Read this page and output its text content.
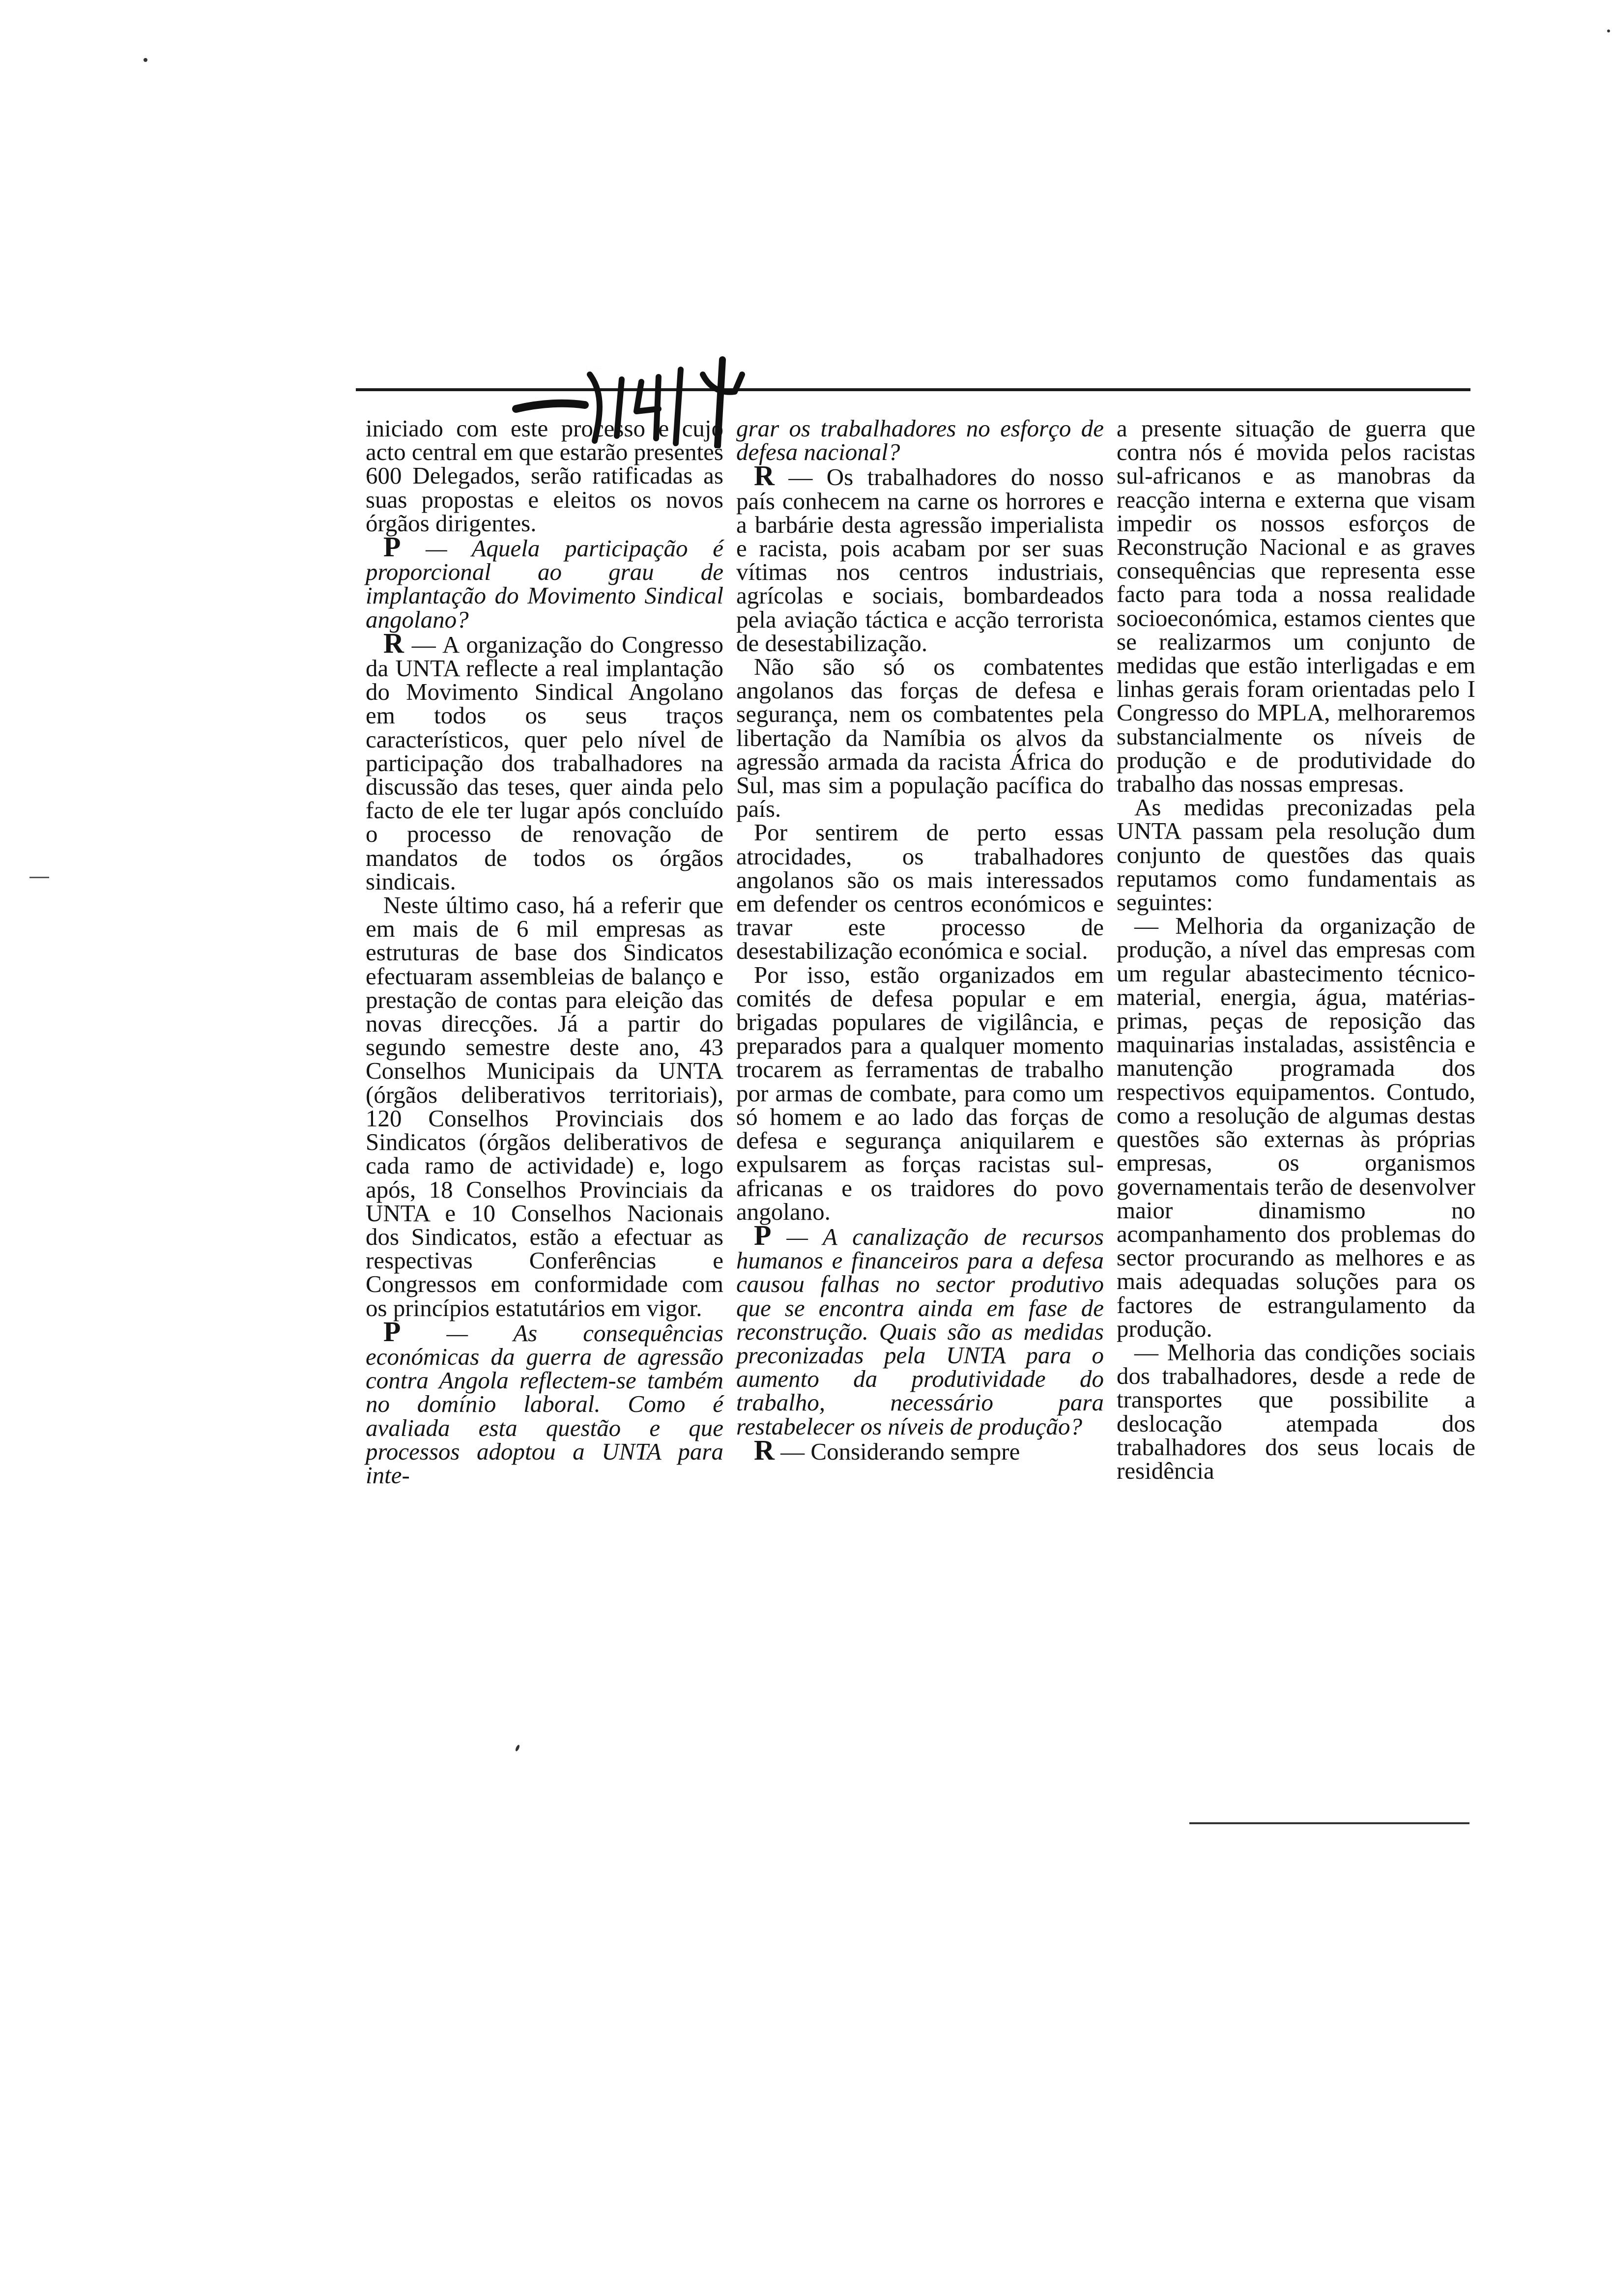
iniciado com este processo e cujo acto central em que estarão presentes 600 Delegados, serão ratificadas as suas propostas e eleitos os novos órgãos dirigentes.

P — Aquela participação é proporcional ao grau de implantação do Movimento Sindical angolano?

R — A organização do Congresso da UNTA reflecte a real implantação do Movimento Sindical Angolano em todos os seus traços característicos, quer pelo nível de participação dos trabalhadores na discussão das teses, quer ainda pelo facto de ele ter lugar após concluído o processo de renovação de mandatos de todos os órgãos sindicais.

Neste último caso, há a referir que em mais de 6 mil empresas as estruturas de base dos Sindicatos efectuaram assembleias de balanço e prestação de contas para eleição das novas direcções. Já a partir do segundo semestre deste ano, 43 Conselhos Municipais da UNTA (órgãos deliberativos territoriais), 120 Conselhos Provinciais dos Sindicatos (órgãos deliberativos de cada ramo de actividade) e, logo após, 18 Conselhos Provinciais da UNTA e 10 Conselhos Nacionais dos Sindicatos, estão a efectuar as respectivas Conferências e Congressos em conformidade com os princípios estatutários em vigor.

P — As consequências económicas da guerra de agressão contra Angola reflectem-se também no domínio laboral. Como é avaliada esta questão e que processos adoptou a UNTA para inte-

grar os trabalhadores no esforço de defesa nacional?

R — Os trabalhadores do nosso país conhecem na carne os horrores e a barbárie desta agressão imperialista e racista, pois acabam por ser suas vítimas nos centros industriais, agrícolas e sociais, bombardeados pela aviação táctica e acção terrorista de desestabilização.

Não são só os combatentes angolanos das forças de defesa e segurança, nem os combatentes pela libertação da Namíbia os alvos da agressão armada da racista África do Sul, mas sim a população pacífica do país.

Por sentirem de perto essas atrocidades, os trabalhadores angolanos são os mais interessados em defender os centros económicos e travar este processo de desestabilização económica e social.

Por isso, estão organizados em comités de defesa popular e em brigadas populares de vigilância, e preparados para a qualquer momento trocarem as ferramentas de trabalho por armas de combate, para como um só homem e ao lado das forças de defesa e segurança aniquilarem e expulsarem as forças racistas sul-africanas e os traidores do povo angolano.

P — A canalização de recursos humanos e financeiros para a defesa causou falhas no sector produtivo que se encontra ainda em fase de reconstrução. Quais são as medidas preconizadas pela UNTA para o aumento da produtividade do trabalho, necessário para restabelecer os níveis de produção?

R — Considerando sempre

a presente situação de guerra que contra nós é movida pelos racistas sul-africanos e as manobras da reacção interna e externa que visam impedir os nossos esforços de Reconstrução Nacional e as graves consequências que representa esse facto para toda a nossa realidade socioeconómica, estamos cientes que se realizarmos um conjunto de medidas que estão interligadas e em linhas gerais foram orientadas pelo I Congresso do MPLA, melhoraremos substancialmente os níveis de produção e de produtividade do trabalho das nossas empresas.

As medidas preconizadas pela UNTA passam pela resolução dum conjunto de questões das quais reputamos como fundamentais as seguintes:

— Melhoria da organização de produção, a nível das empresas com um regular abastecimento técnico-material, energia, água, matérias-primas, peças de reposição das maquinarias instaladas, assistência e manutenção programada dos respectivos equipamentos. Contudo, como a resolução de algumas destas questões são externas às próprias empresas, os organismos governamentais terão de desenvolver maior dinamismo no acompanhamento dos problemas do sector procurando as melhores e as mais adequadas soluções para os factores de estrangulamento da produção.

— Melhoria das condições sociais dos trabalhadores, desde a rede de transportes que possibilite a deslocação atempada dos trabalhadores dos seus locais de residência
